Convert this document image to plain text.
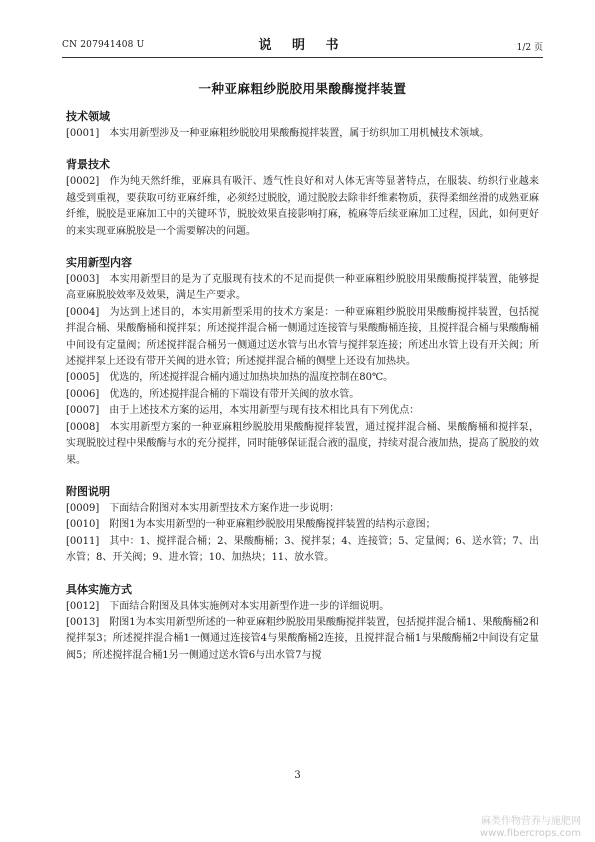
CN 207941408 U	说 明 书	1/2 页
一种亚麻粗纱脱胶用果酸酶搅拌装置
技术领域

[0001] 本实用新型涉及一种亚麻粗纱脱胶用果酸酶搅拌装置，属于纺织加工用机械技术领域。

背景技术

[0002] 作为纯天然纤维，亚麻具有吸汗、透气性良好和对人体无害等显著特点，在服装、纺织行业越来越受到重视，要获取可纺亚麻纤维，必须经过脱胶，通过脱胶去除非纤维素物质，获得柔细丝滑的成熟亚麻纤维，脱胶是亚麻加工中的关键环节，脱胶效果直接影响打麻，梳麻等后续亚麻加工过程，因此，如何更好的来实现亚麻脱胶是一个需要解决的问题。

实用新型内容

[0003] 本实用新型目的是为了克服现有技术的不足而提供一种亚麻粗纱脱胶用果酸酶搅拌装置，能够提高亚麻脱胶效率及效果，满足生产要求。

[0004] 为达到上述目的，本实用新型采用的技术方案是：一种亚麻粗纱脱胶用果酸酶搅拌装置，包括搅拌混合桶、果酸酶桶和搅拌泵；所述搅拌混合桶一侧通过连接管与果酸酶桶连接，且搅拌混合桶与果酸酶桶中间设有定量阀；所述搅拌混合桶另一侧通过送水管与出水管与搅拌泵连接；所述出水管上设有开关阀；所述搅拌泵上还设有带开关阀的进水管；所述搅拌混合桶的侧壁上还设有加热块。

[0005] 优选的，所述搅拌混合桶内通过加热块加热的温度控制在80℃。

[0006] 优选的，所述搅拌混合桶的下端设有带开关阀的放水管。

[0007] 由于上述技术方案的运用，本实用新型与现有技术相比具有下列优点：

[0008] 本实用新型方案的一种亚麻粗纱脱胶用果酸酶搅拌装置，通过搅拌混合桶、果酸酶桶和搅拌泵，实现脱胶过程中果酸酶与水的充分搅拌，同时能够保证混合液的温度，持续对混合液加热，提高了脱胶的效果。

附图说明

[0009] 下面结合附图对本实用新型技术方案作进一步说明：

[0010] 附图1为本实用新型的一种亚麻粗纱脱胶用果酸酶搅拌装置的结构示意图；

[0011] 其中：1、搅拌混合桶；2、果酸酶桶；3、搅拌泵；4、连接管；5、定量阀；6、送水管；7、出水管；8、开关阀；9、进水管；10、加热块；11、放水管。

具体实施方式

[0012] 下面结合附图及具体实施例对本实用新型作进一步的详细说明。

[0013] 附图1为本实用新型所述的一种亚麻粗纱脱胶用果酸酶搅拌装置，包括搅拌混合桶1、果酸酶桶2和搅拌泵3；所述搅拌混合桶1一侧通过连接管4与果酸酶桶2连接，且搅拌混合桶1与果酸酶桶2中间设有定量阀5；所述搅拌混合桶1另一侧通过送水管6与出水管7与搅

3
麻类作物营养与施肥网
www.fibercrops.com
